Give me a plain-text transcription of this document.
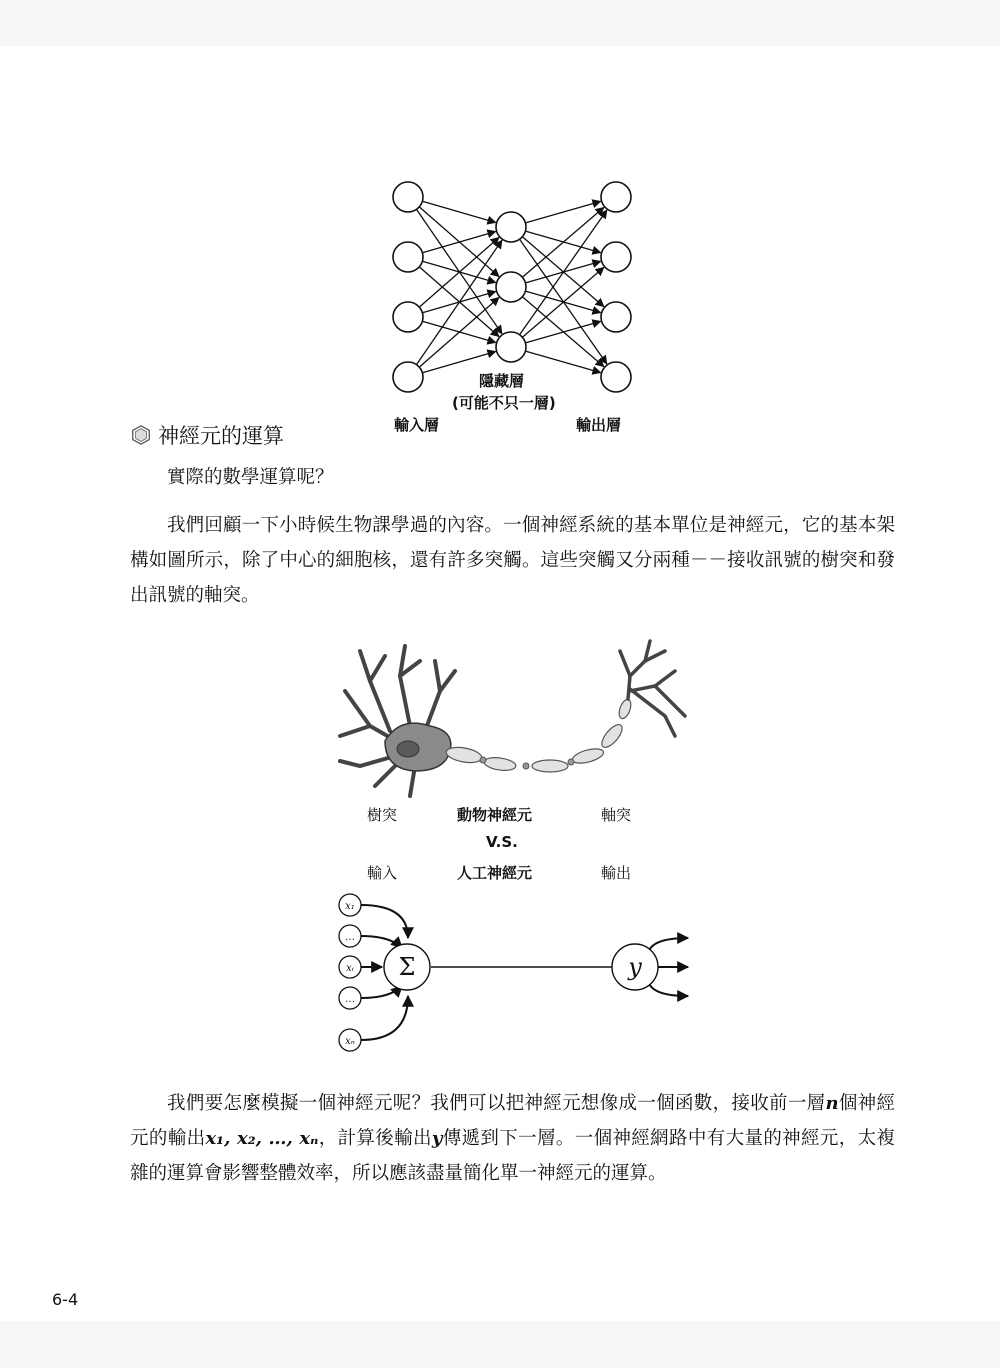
隱藏層
(可能不只一層)
輸入層	輸出層
神經元的運算

實際的數學運算呢？

我們回顧一下小時候生物課學過的內容。一個神經系統的基本單位是神經元，它的基本架構如圖所示，除了中心的細胞核，還有許多突觸。這些突觸又分兩種－－接收訊號的樹突和發出訊號的軸突。

樹突	動物神經元	軸突
V.S.
輸入	人工神經元	輸出
x₁
…
xᵢ
…
xₙ
Σ	y

我們要怎麼模擬一個神經元呢？我們可以把神經元想像成一個函數，接收前一層n個神經元的輸出x₁, x₂, …, xₙ，計算後輸出y傳遞到下一層。一個神經網路中有大量的神經元，太複雜的運算會影響整體效率，所以應該盡量簡化單一神經元的運算。

6-4
